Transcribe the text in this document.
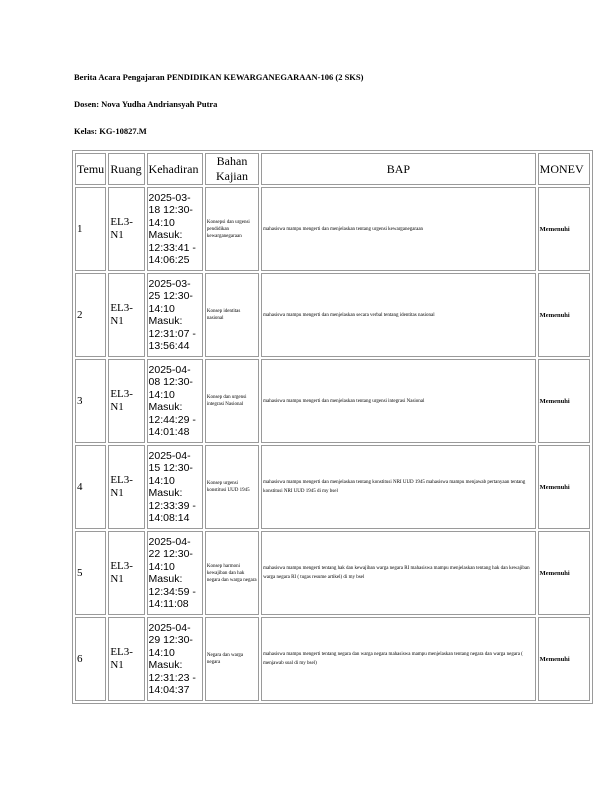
Berita Acara Pengajaran PENDIDIKAN KEWARGANEGARAAN-106 (2 SKS)
Dosen: Nova Yudha Andriansyah Putra
Kelas: KG-10827.M
Temu	Ruang	Kehadiran	Bahan Kajian	BAP	MONEV
1	EL3-N1	2025-03-18 12:30-14:10 Masuk: 12:33:41 - 14:06:25	Konsepsi dan urgensi pendidikan kewarganegaraan	mahasiswa mampu mengerti dan menjelaskan tentang urgensi kewarganegaraan	Memenuhi
2	EL3-N1	2025-03-25 12:30-14:10 Masuk: 12:31:07 - 13:56:44	Konsep identitas nasional	mahasiswa mampu mengerti dan menjelaskan secara verbal tentang identitas nasional	Memenuhi
3	EL3-N1	2025-04-08 12:30-14:10 Masuk: 12:44:29 - 14:01:48	Konsep dan urgensi integrasi Nasional	mahasiswa mampu mengerti dan menjelaskan tentang urgensi integrasi Nasional	Memenuhi
4	EL3-N1	2025-04-15 12:30-14:10 Masuk: 12:33:39 - 14:08:14	Konsep urgensi konstitusi UUD 1945	mahasiswa mampu mengerti dan menjelaskan tentang konstitusi NRI UUD 1945 mahasiswa mampu menjawab pertanyaan tentang konstitusi NRI UUD 1945 di my bsel	Memenuhi
5	EL3-N1	2025-04-22 12:30-14:10 Masuk: 12:34:59 - 14:11:08	Konsep harmoni kewajiban dan hak negara dan warga negara	mahasiswa mampu mengerti tentang hak dan kewajiban warga negara RI mahasiswa mampu menjelaskan tentang hak dan kewajiban warga negara RI ( tugas resume artikel) di my bsel	Memenuhi
6	EL3-N1	2025-04-29 12:30-14:10 Masuk: 12:31:23 - 14:04:37	Negara dan warga negara	mahasiswa mampu mengerti tentang negara dan warga negara mahasiswa mampu menjelaskan tentang negara dan warga negara ( menjawab soal di my bsel)	Memenuhi
